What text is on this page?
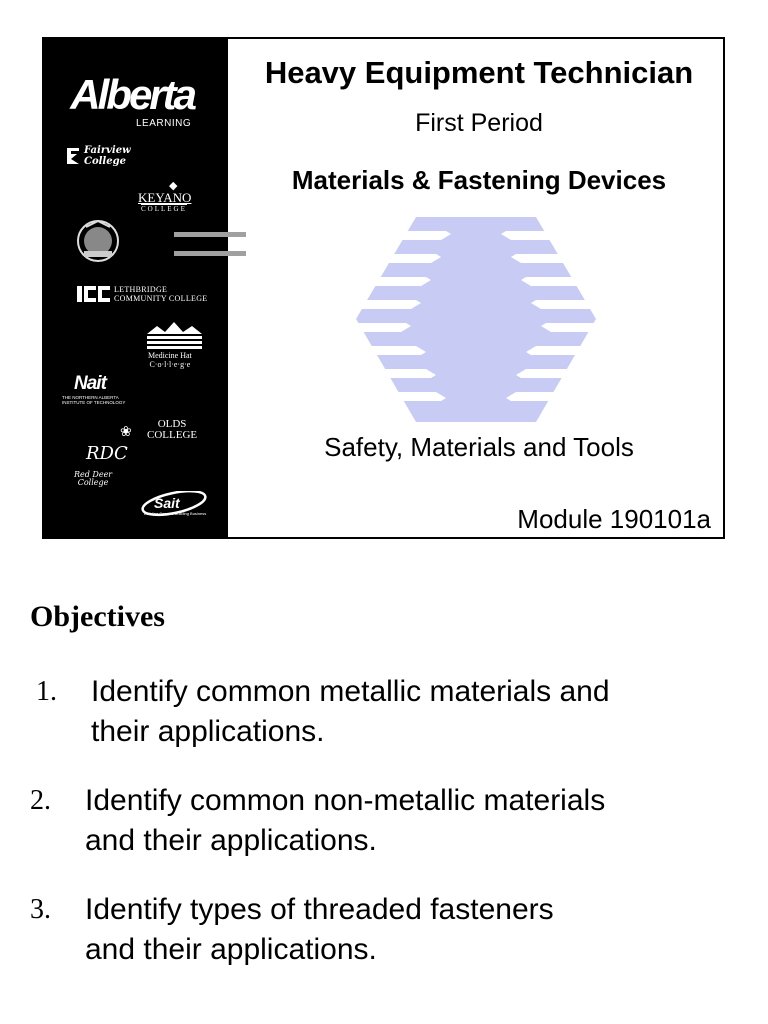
Alberta
LEARNING
Fairview
College
◆
KEYANO
COLLEGE
LETHBRIDGE
COMMUNITY COLLEGE
Medicine Hat
C·o·l·l·e·g·e
Nait
THE NORTHERN ALBERTA
INSTITUTE OF TECHNOLOGY
❀	OLDS
COLLEGE
RDC
Red Deer
College
Sait
Building Careers Building Business
Heavy Equipment Technician
First Period
Materials & Fastening Devices
Safety, Materials and Tools
Module 190101a
Objectives
1. Identify common metallic materials and
their applications.
2. Identify common non-metallic materials
and their applications.
3. Identify types of threaded fasteners
and their applications.
